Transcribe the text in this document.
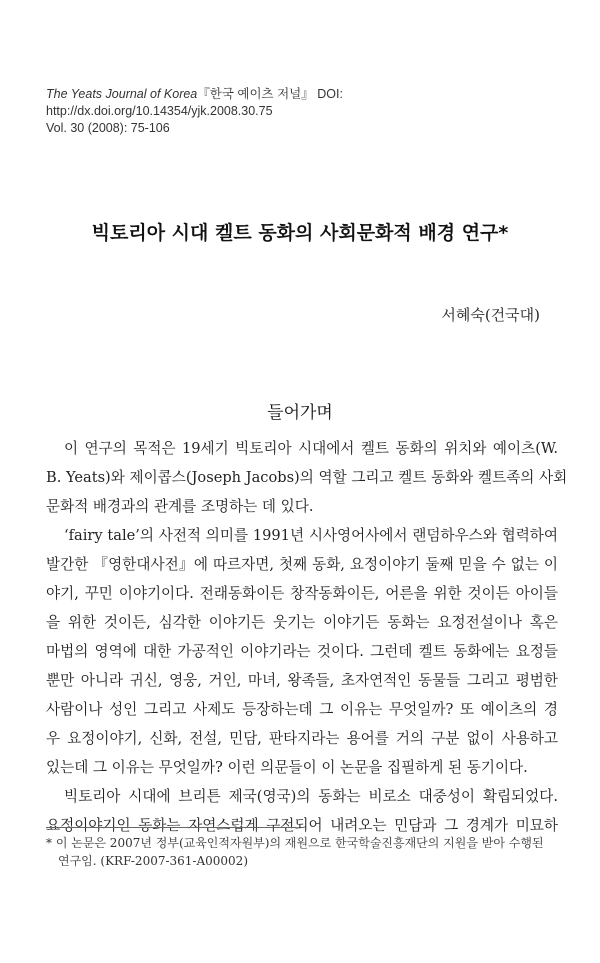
The Yeats Journal of Korea『한국 예이츠 저널』 DOI: http://dx.doi.org/10.14354/yjk.2008.30.75
Vol. 30 (2008): 75-106
빅토리아 시대 켈트 동화의 사회문화적 배경 연구*
서혜숙(건국대)
들어가며
이 연구의 목적은 19세기 빅토리아 시대에서 켈트 동화의 위치와 예이츠(W.
B. Yeats)와 제이콥스(Joseph Jacobs)의 역할 그리고 켈트 동화와 켈트족의 사회
문화적 배경과의 관계를 조명하는 데 있다.
‘fairy tale’의 사전적 의미를 1991년 시사영어사에서 랜덤하우스와 협력하여
발간한 『영한대사전』에 따르자면, 첫째 동화, 요정이야기 둘째 믿을 수 없는 이
야기, 꾸민 이야기이다. 전래동화이든 창작동화이든, 어른을 위한 것이든 아이들
을 위한 것이든, 심각한 이야기든 웃기는 이야기든 동화는 요정전설이나 혹은
마법의 영역에 대한 가공적인 이야기라는 것이다. 그런데 켈트 동화에는 요정들
뿐만 아니라 귀신, 영웅, 거인, 마녀, 왕족들, 초자연적인 동물들 그리고 평범한
사람이나 성인 그리고 사제도 등장하는데 그 이유는 무엇일까? 또 예이츠의 경
우 요정이야기, 신화, 전설, 민담, 판타지라는 용어를 거의 구분 없이 사용하고
있는데 그 이유는 무엇일까? 이런 의문들이 이 논문을 집필하게 된 동기이다.
빅토리아 시대에 브리튼 제국(영국)의 동화는 비로소 대중성이 확립되었다.
요정이야기인 동화는 자연스럽게 구전되어 내려오는 민담과 그 경계가 미묘하
* 이 논문은 2007년 정부(교육인적자원부)의 재원으로 한국학술진흥재단의 지원을 받아 수행된
연구임. (KRF-2007-361-A00002)
